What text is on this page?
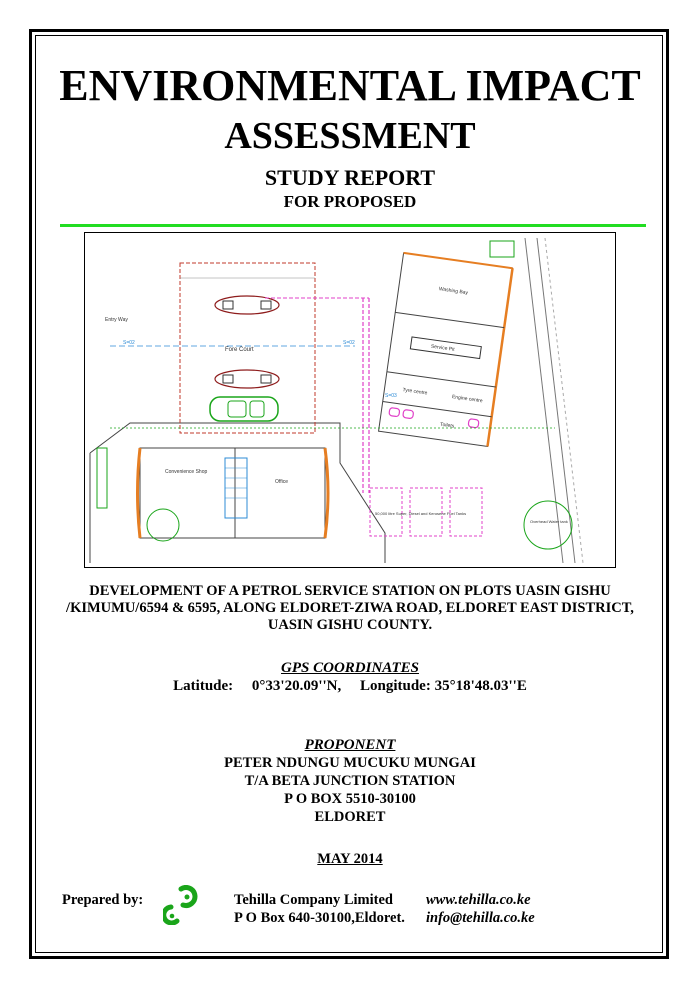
ENVIRONMENTAL IMPACT
ASSESSMENT
STUDY REPORT
FOR PROPOSED
Fore Court
S=02	S=02
Entry Way
Washing Bay
Service Pit
Tyre centre
Engine centre
Toilets
S=03
Convenience Shop
Office
50,000 litre Super, Diesel and Kerosene Fuel Tanks
Overhead Water tank
DEVELOPMENT OF A PETROL SERVICE STATION ON PLOTS UASIN GISHU /KIMUMU/6594 & 6595, ALONG ELDORET-ZIWA ROAD, ELDORET EAST DISTRICT, UASIN GISHU COUNTY.
GPS COORDINATES
Latitude:     0°33'20.09''N,     Longitude: 35°18'48.03''E
PROPONENT
PETER NDUNGU MUCUKU MUNGAI
T/A BETA JUNCTION STATION
P O BOX 5510-30100
ELDORET
MAY 2014
Prepared by:	Tehilla Company Limited www.tehilla.co.ke
P O Box 640-30100,Eldoret. info@tehilla.co.ke
